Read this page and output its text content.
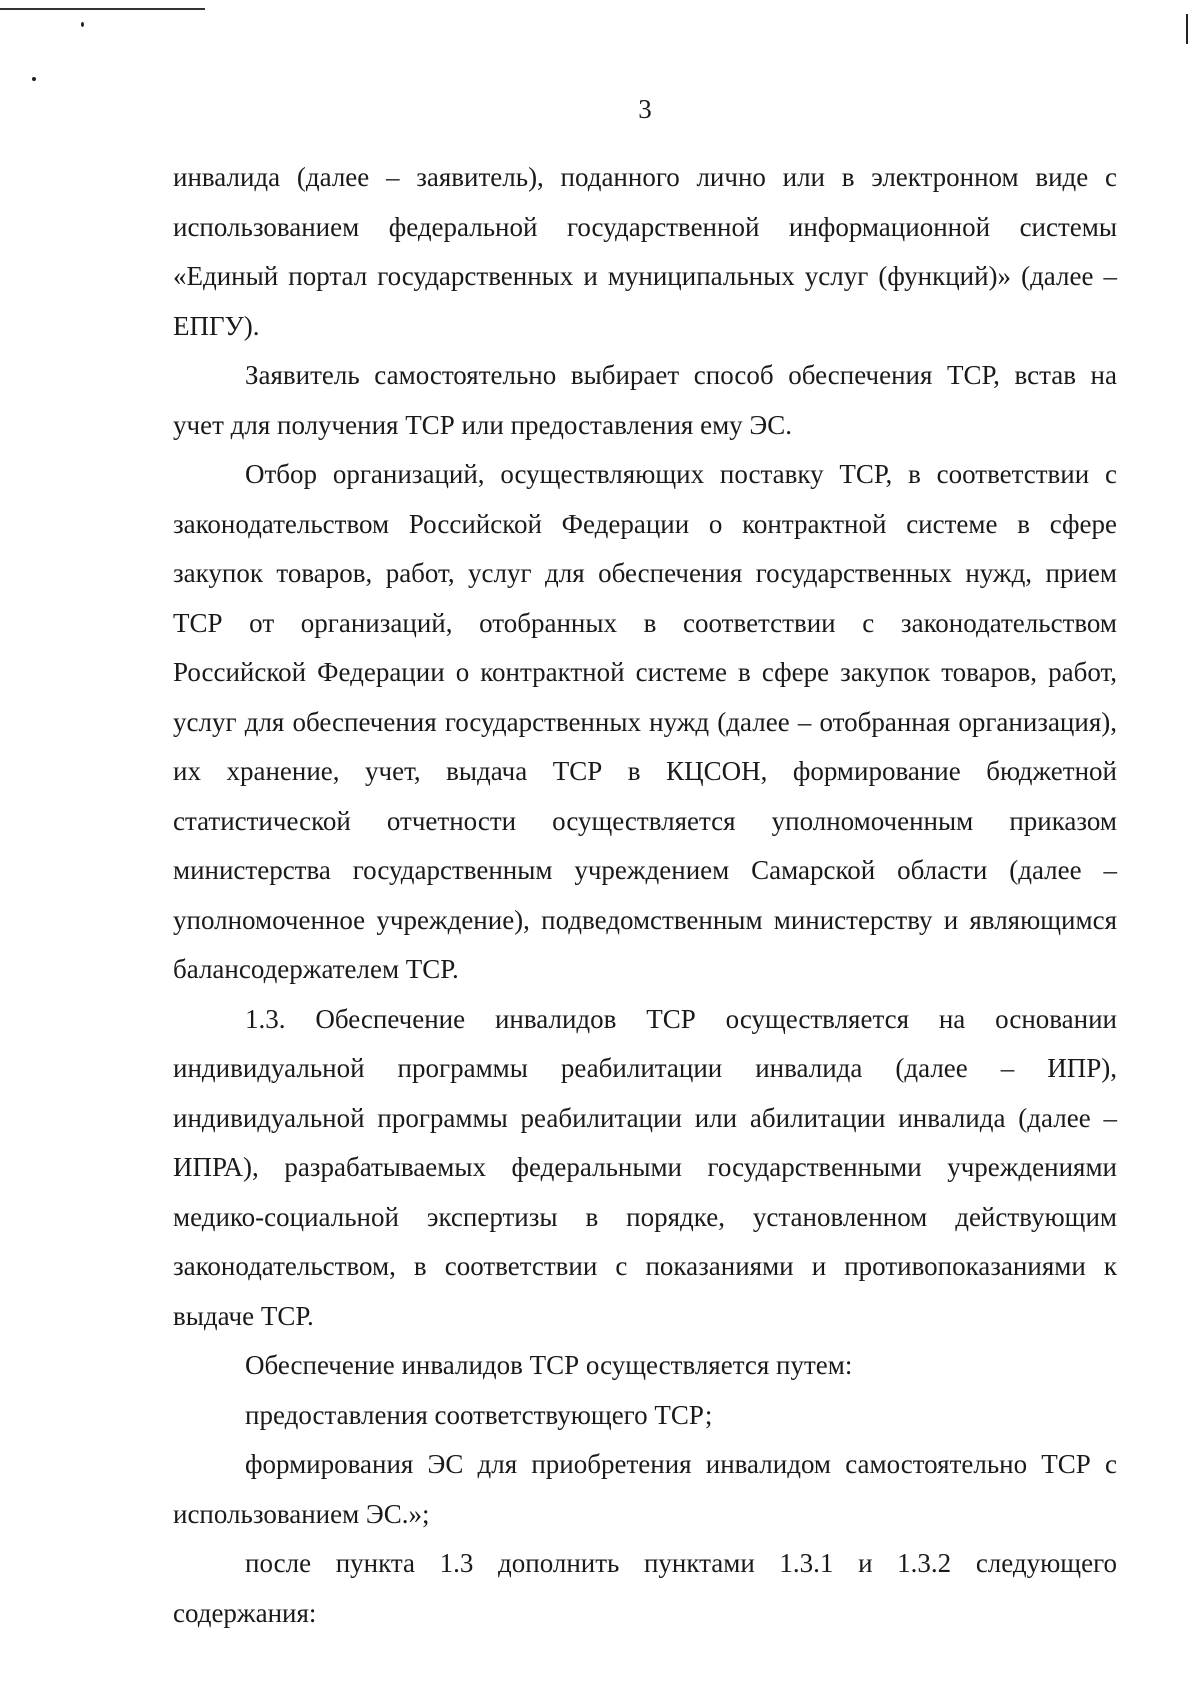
3

инвалида (далее – заявитель), поданного лично или в электронном виде с использованием федеральной государственной информационной системы «Единый портал государственных и муниципальных услуг (функций)» (далее – ЕПГУ).

Заявитель самостоятельно выбирает способ обеспечения ТСР, встав на учет для получения ТСР или предоставления ему ЭС.

Отбор организаций, осуществляющих поставку ТСР, в соответствии с законодательством Российской Федерации о контрактной системе в сфере закупок товаров, работ, услуг для обеспечения государственных нужд, прием ТСР от организаций, отобранных в соответствии с законодательством Российской Федерации о контрактной системе в сфере закупок товаров, работ, услуг для обеспечения государственных нужд (далее – отобранная организация), их хранение, учет, выдача ТСР в КЦСОН, формирование бюджетной статистической отчетности осуществляется уполномоченным приказом министерства государственным учреждением Самарской области (далее – уполномоченное учреждение), подведомственным министерству и являющимся балансодержателем ТСР.

1.3. Обеспечение инвалидов ТСР осуществляется на основании индивидуальной программы реабилитации инвалида (далее – ИПР), индивидуальной программы реабилитации или абилитации инвалида (далее – ИПРА), разрабатываемых федеральными государственными учреждениями медико-социальной экспертизы в порядке, установленном действующим законодательством, в соответствии с показаниями и противопоказаниями к выдаче ТСР.

Обеспечение инвалидов ТСР осуществляется путем:

предоставления соответствующего ТСР;

формирования ЭС для приобретения инвалидом самостоятельно ТСР с использованием ЭС.»;

после пункта 1.3 дополнить пунктами 1.3.1 и 1.3.2 следующего содержания:
